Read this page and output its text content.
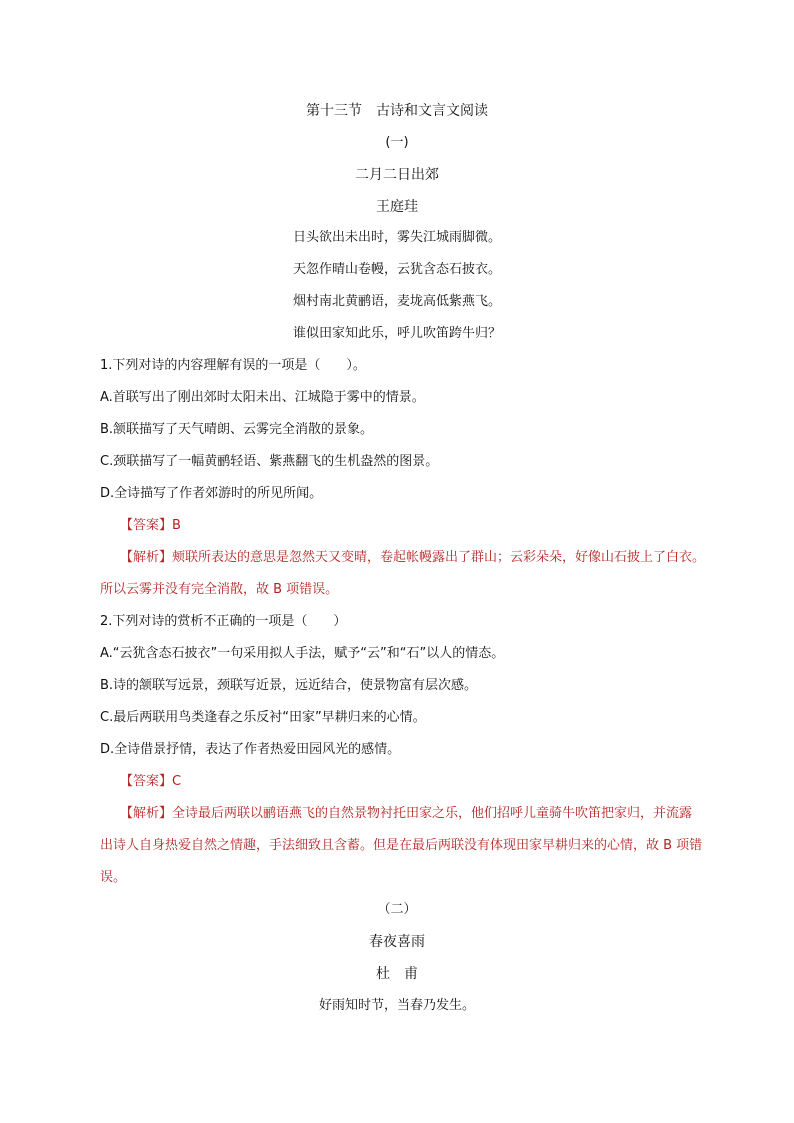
第十三节　古诗和文言文阅读
(一)
二月二日出郊
王庭珪
日头欲出未出时，雾失江城雨脚微。
天忽作晴山卷幔，云犹含态石披衣。
烟村南北黄鹂语，麦垅高低紫燕飞。
谁似田家知此乐，呼儿吹笛跨牛归？
1.下列对诗的内容理解有误的一项是（　　）。
A.首联写出了刚出郊时太阳未出、江城隐于雾中的情景。
B.颔联描写了天气晴朗、云雾完全消散的景象。
C.颈联描写了一幅黄鹂轻语、紫燕翻飞的生机盎然的图景。
D.全诗描写了作者郊游时的所见所闻。
【答案】B
【解析】颊联所表达的意思是忽然天又变晴，卷起帐幔露出了群山；云彩朵朵，好像山石披上了白衣。
所以云雾并没有完全消散，故 B 项错误。
2.下列对诗的赏析不正确的一项是（　　）
A.“云犹含态石披衣”一句采用拟人手法，赋予“云”和“石”以人的情态。
B.诗的颔联写远景，颈联写近景，远近结合，使景物富有层次感。
C.最后两联用鸟类逢春之乐反衬“田家”早耕归来的心情。
D.全诗借景抒情，表达了作者热爱田园风光的感情。
【答案】C
【解析】全诗最后两联以鹂语燕飞的自然景物衬托田家之乐，他们招呼儿童骑牛吹笛把家归，并流露
出诗人自身热爱自然之情趣，手法细致且含蓄。但是在最后两联没有体现田家早耕归来的心情，故 B 项错
误。
（二）
春夜喜雨
杜　甫
好雨知时节，当春乃发生。
